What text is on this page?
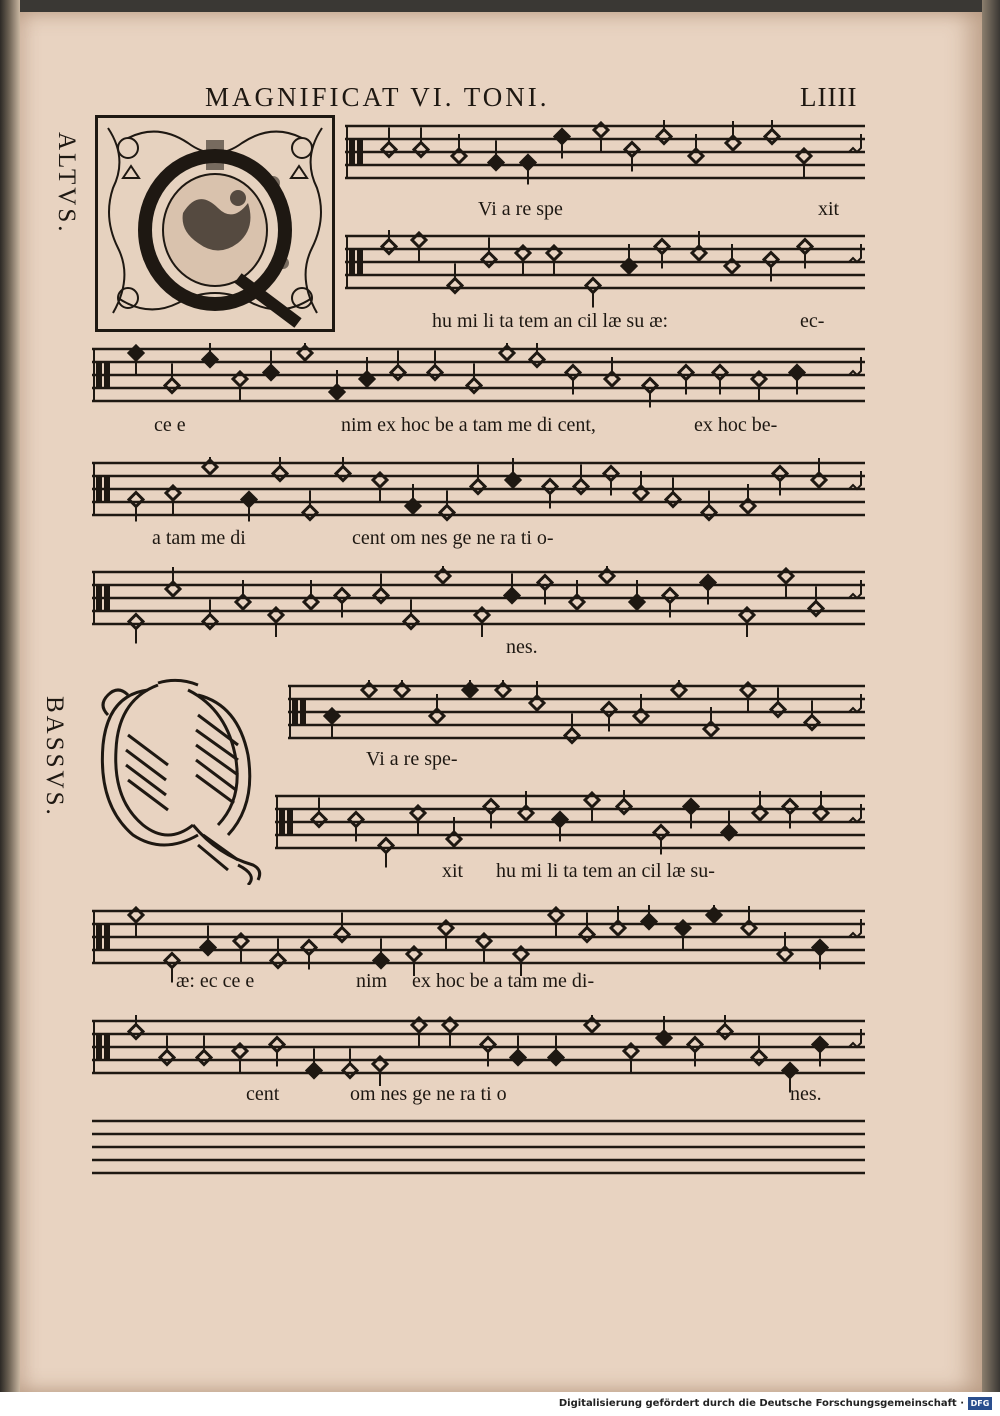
MAGNIFICAT VI. TONI.	LIIII
ALTVS.
BASSVS.
Vi a re spe	xit
hu mi li ta tem an cil læ su æ:	ec-
ce e	nim ex hoc be a tam me di cent,	ex hoc be-
a tam me di	cent om nes ge ne ra ti o-
nes.
Vi a re spe-
xit hu mi li ta tem an cil læ su-
æ: ec ce e	nim ex hoc be a tam me di-
cent	om nes ge ne ra ti o	nes.
Digitalisierung gefördert durch die Deutsche Forschungsgemeinschaft · DFG
